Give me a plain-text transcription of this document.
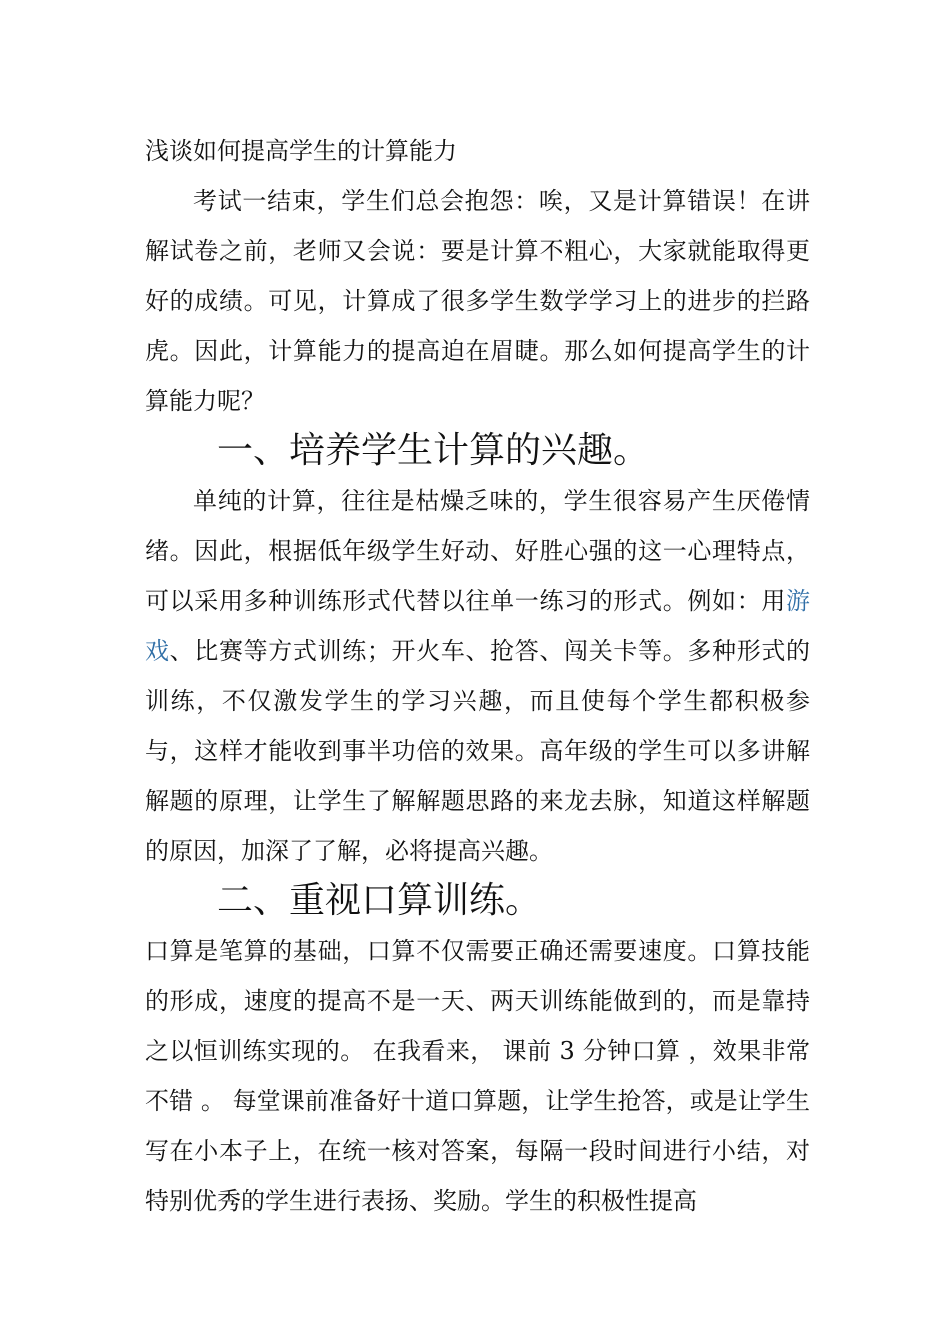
浅谈如何提高学生的计算能力

考试一结束，学生们总会抱怨：唉，又是计算错误！在讲解试卷之前，老师又会说：要是计算不粗心，大家就能取得更好的成绩。可见，计算成了很多学生数学学习上的进步的拦路虎。因此，计算能力的提高迫在眉睫。那么如何提高学生的计算能力呢？

一、培养学生计算的兴趣。

单纯的计算，往往是枯燥乏味的，学生很容易产生厌倦情绪。因此，根据低年级学生好动、好胜心强的这一心理特点，可以采用多种训练形式代替以往单一练习的形式。例如：用游戏、比赛等方式训练；开火车、抢答、闯关卡等。多种形式的训练，不仅激发学生的学习兴趣，而且使每个学生都积极参与，这样才能收到事半功倍的效果。高年级的学生可以多讲解解题的原理，让学生了解解题思路的来龙去脉，知道这样解题的原因，加深了了解，必将提高兴趣。

二、重视口算训练。

口算是笔算的基础，口算不仅需要正确还需要速度。口算技能的形成，速度的提高不是一天、两天训练能做到的，而是靠持之以恒训练实现的。 在我看来， 课前 3 分钟口算 ，效果非常不错 。 每堂课前准备好十道口算题，让学生抢答，或是让学生写在小本子上，在统一核对答案，每隔一段时间进行小结，对特别优秀的学生进行表扬、奖励。学生的积极性提高
